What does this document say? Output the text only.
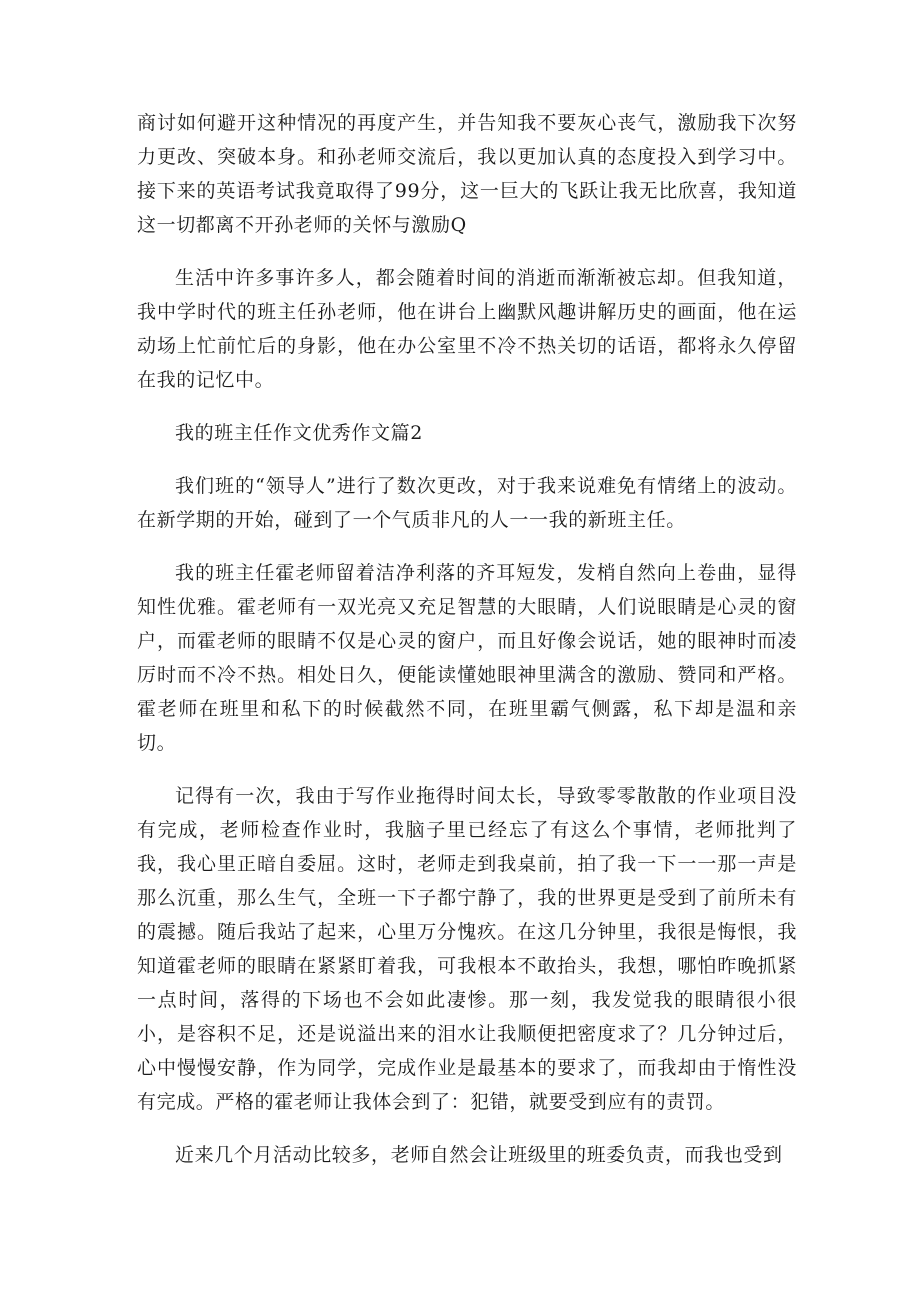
商讨如何避开这种情况的再度产生，并告知我不要灰心丧气，激励我下次努力更改、突破本身。和孙老师交流后，我以更加认真的态度投入到学习中。接下来的英语考试我竟取得了99分，这一巨大的飞跃让我无比欣喜，我知道这一切都离不开孙老师的关怀与激励Q

生活中许多事许多人，都会随着时间的消逝而渐渐被忘却。但我知道，我中学时代的班主任孙老师，他在讲台上幽默风趣讲解历史的画面，他在运动场上忙前忙后的身影，他在办公室里不冷不热关切的话语，都将永久停留在我的记忆中。

我的班主任作文优秀作文篇2

我们班的“领导人”进行了数次更改，对于我来说难免有情绪上的波动。在新学期的开始，碰到了一个气质非凡的人一一我的新班主任。

我的班主任霍老师留着洁净利落的齐耳短发，发梢自然向上卷曲，显得知性优雅。霍老师有一双光亮又充足智慧的大眼睛，人们说眼睛是心灵的窗户，而霍老师的眼睛不仅是心灵的窗户，而且好像会说话，她的眼神时而凌厉时而不冷不热。相处日久，便能读懂她眼神里满含的激励、赞同和严格。霍老师在班里和私下的时候截然不同，在班里霸气侧露，私下却是温和亲切。

记得有一次，我由于写作业拖得时间太长，导致零零散散的作业项目没有完成，老师检查作业时，我脑子里已经忘了有这么个事情，老师批判了我，我心里正暗自委屈。这时，老师走到我桌前，拍了我一下一一那一声是那么沉重，那么生气，全班一下子都宁静了，我的世界更是受到了前所未有的震撼。随后我站了起来，心里万分愧疚。在这几分钟里，我很是悔恨，我知道霍老师的眼睛在紧紧盯着我，可我根本不敢抬头，我想，哪怕昨晚抓紧一点时间，落得的下场也不会如此凄惨。那一刻，我发觉我的眼睛很小很小，是容积不足，还是说溢出来的泪水让我顺便把密度求了？几分钟过后，心中慢慢安静，作为同学，完成作业是最基本的要求了，而我却由于惰性没有完成。严格的霍老师让我体会到了：犯错，就要受到应有的责罚。

近来几个月活动比较多，老师自然会让班级里的班委负责，而我也受到
